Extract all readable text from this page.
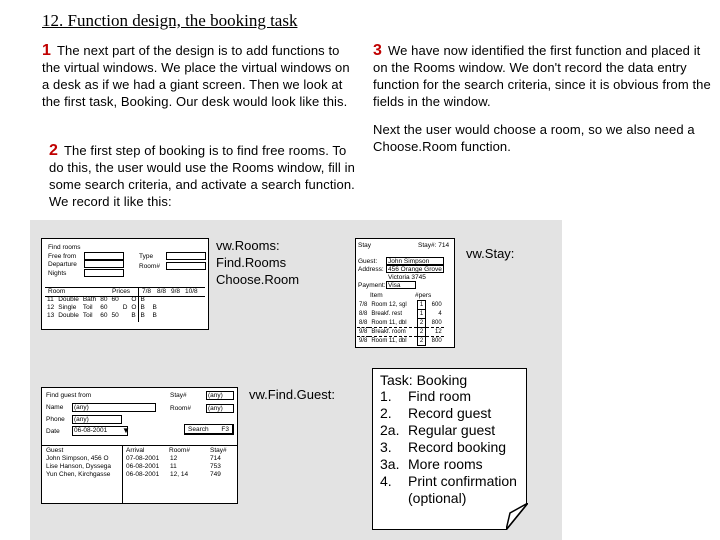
12. Function design, the booking task
1 The next part of the design is to add functions to the virtual windows. We place the virtual windows on a desk as if we had a giant screen. Then we look at the first task, Booking. Our desk would look like this.
2 The first step of booking is to find free rooms. To do this, the user would use the Rooms window, fill in some search criteria, and activate a search function. We record it like this:
3 We have now identified the first function and placed it on the Rooms window. We don't record the data entry function for the search criteria, since it is obvious from the fields in the window.
Next the user would choose a room, so we also need a Choose.Room function.
Find rooms
Free from
Departure
Nights
Type
Room#
Room	Prices 7/8 8/8 9/8 10/8
11	Double	Bath	80	60		O	B	
12	Single	Toil	60		D	O	B	B
13	Double	Toil	60	50		B	B	B
vw.Rooms:
Find.Rooms
Choose.Room
Stay	Stay#: 714
Guest:	John Simpson
Address: 456 Orange Grove
Victoria 3745
Payment: Visa
Item	#pers
7/8	Room 12, sgl	1	600
8/8	Breakf. rest	1	4
8/8	Room 11, dbl	2	800
9/8	Breakf. room	2	12
9/8	Room 11, dbl	2	800
vw.Stay:
Find guest from
Name	(any)
Phone	(any)
Date	06-08-2001	▼
Stay#	(any)
Room#	(any)
Search F3
Guest	Arrival	Room#	Stay#
John Simpson, 456 O	07-08-2001	12	714
Lise Hanson, Dyssega	06-08-2001	11	753
Yun Chen, Kirchgasse	06-08-2001	12, 14	749
vw.Find.Guest:
Task: Booking
1. Find room
2. Record guest
2a. Regular guest
3. Record booking
3a. More rooms
4. Print confirmation
(optional)
